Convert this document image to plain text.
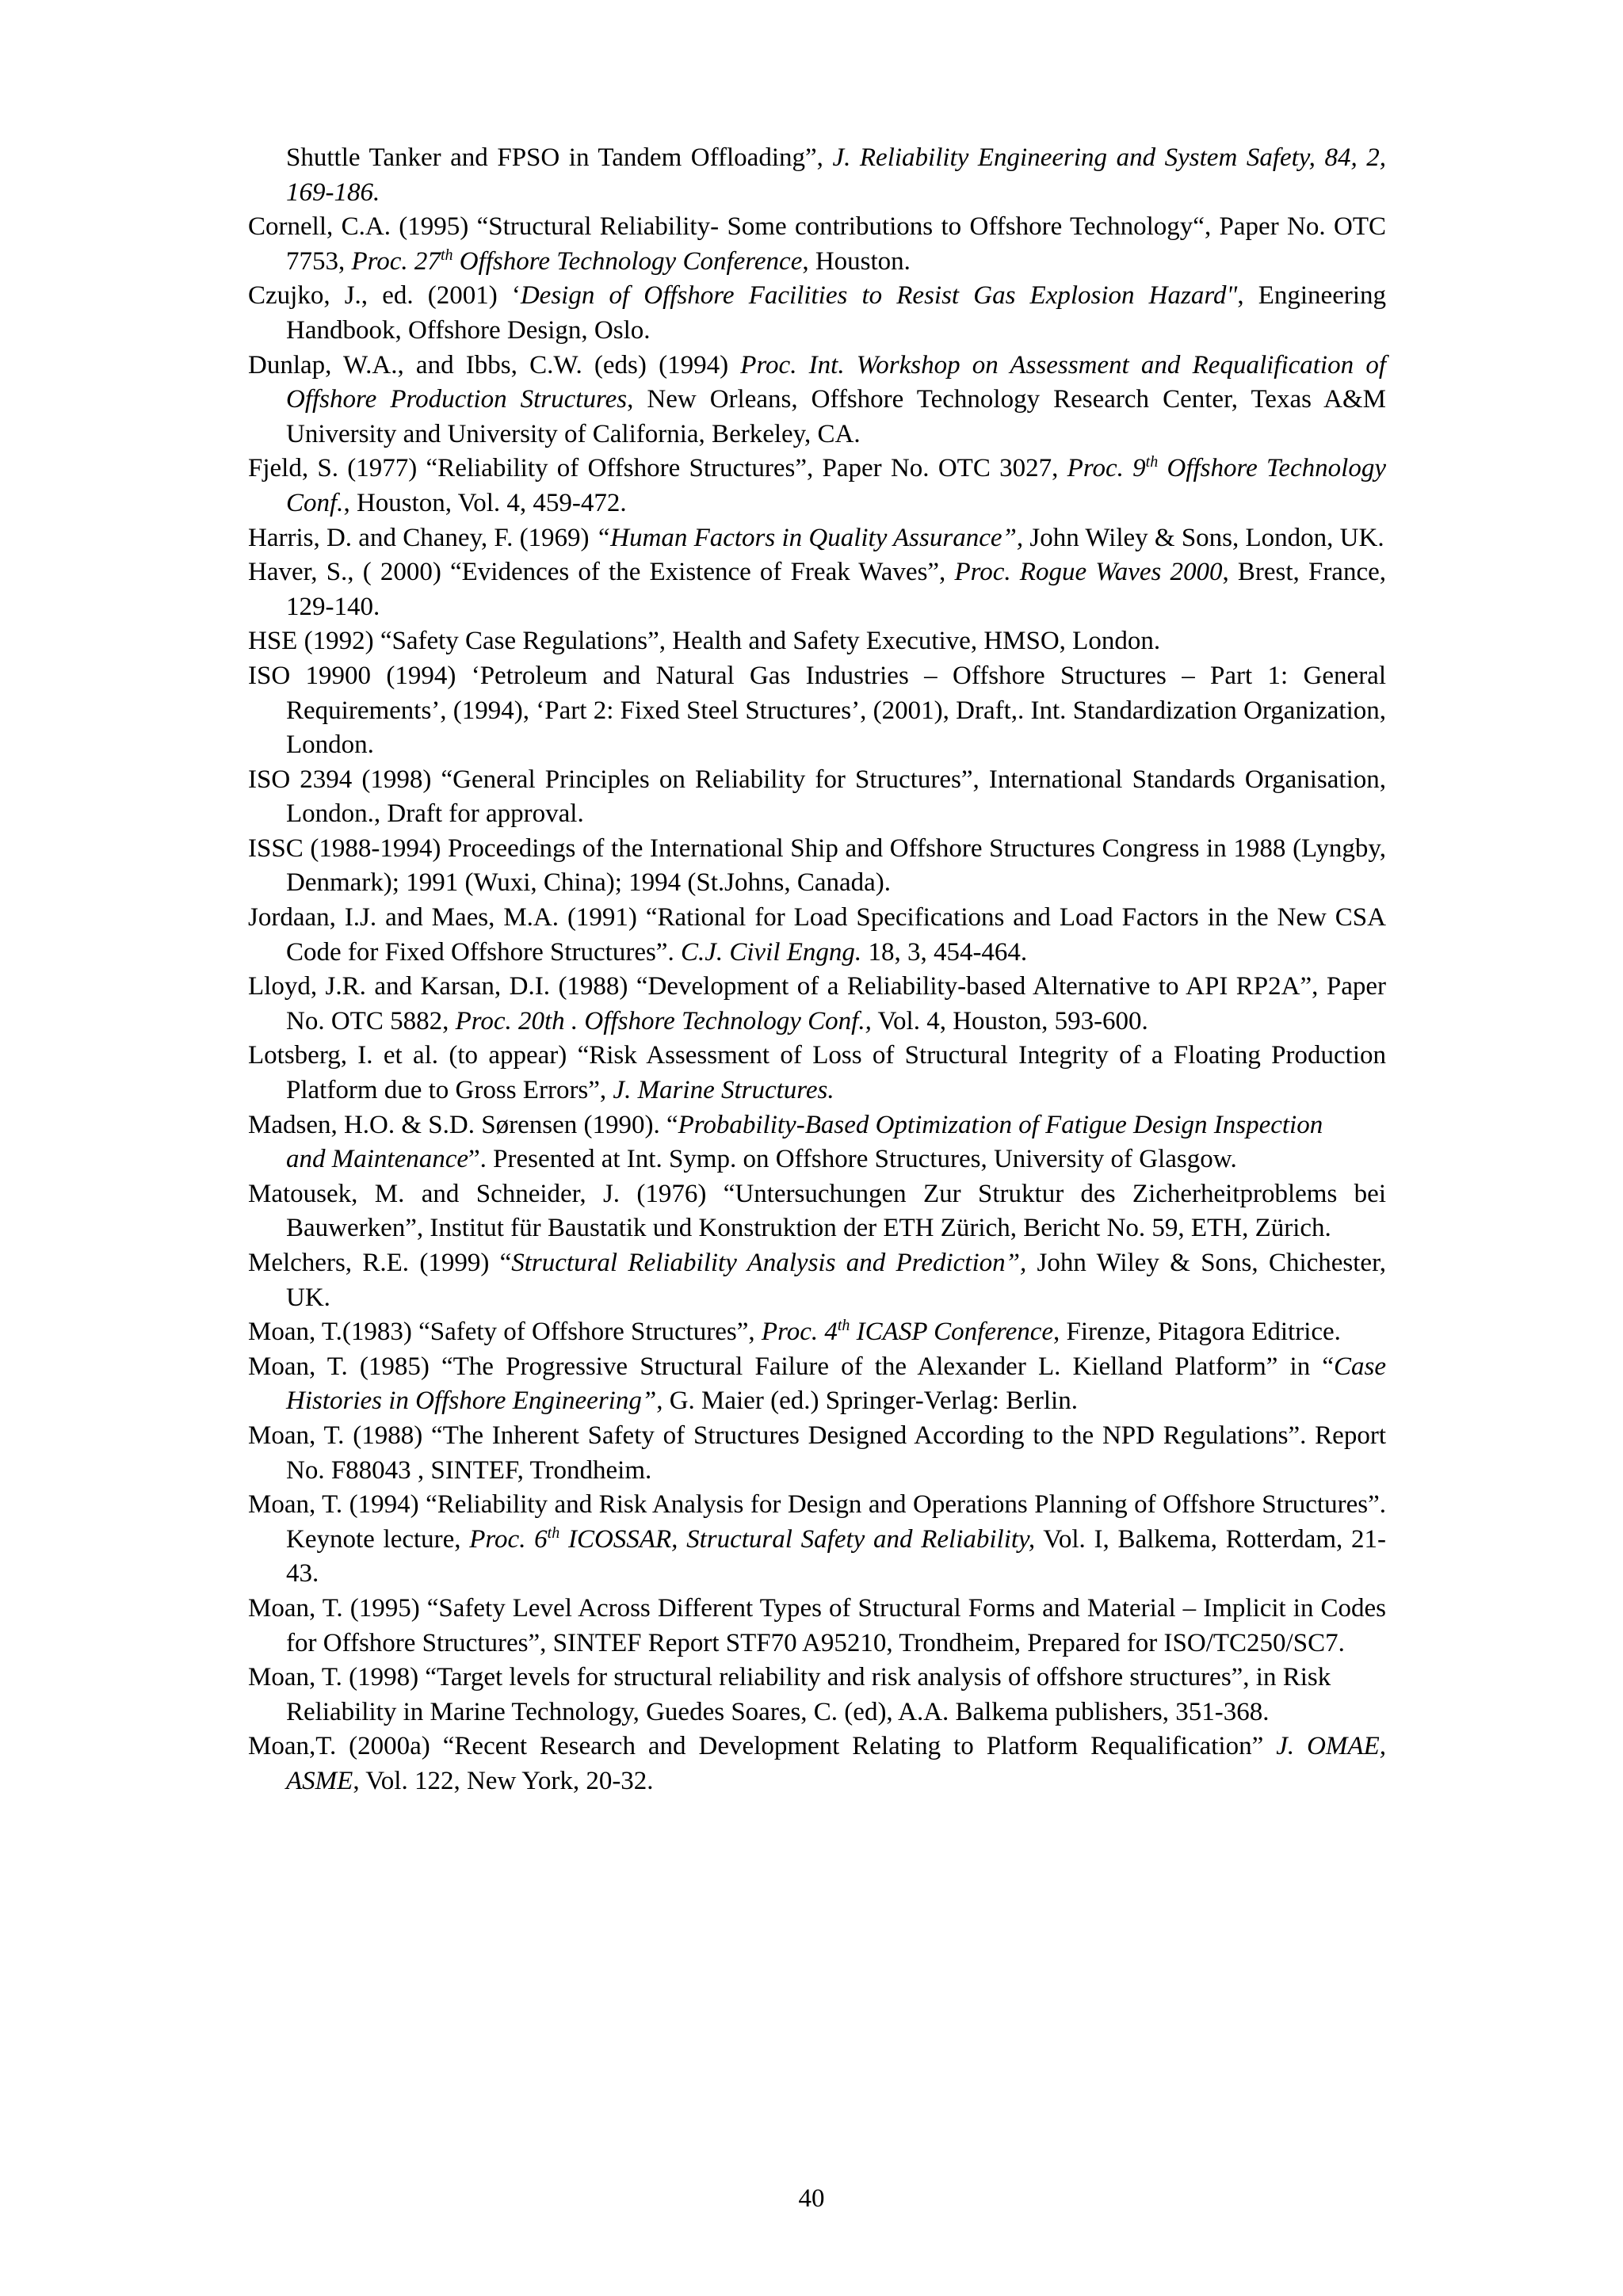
Shuttle Tanker and FPSO in Tandem Offloading”, J. Reliability Engineering and System Safety, 84, 2, 169-186.
Cornell, C.A. (1995) “Structural Reliability- Some contributions to Offshore Technology“, Paper No. OTC 7753, Proc. 27th Offshore Technology Conference, Houston.
Czujko, J., ed. (2001) ‘Design of Offshore Facilities to Resist Gas Explosion Hazard", Engineering Handbook, Offshore Design, Oslo.
Dunlap, W.A., and Ibbs, C.W. (eds) (1994) Proc. Int. Workshop on Assessment and Requalification of Offshore Production Structures, New Orleans, Offshore Technology Research Center, Texas A&M University and University of California, Berkeley, CA.
Fjeld, S. (1977) “Reliability of Offshore Structures”, Paper No. OTC 3027, Proc. 9th Offshore Technology Conf., Houston, Vol. 4, 459-472.
Harris, D. and Chaney, F. (1969) “Human Factors in Quality Assurance”, John Wiley & Sons, London, UK.
Haver, S., ( 2000) “Evidences of the Existence of Freak Waves”, Proc. Rogue Waves 2000, Brest, France, 129-140.
HSE (1992) “Safety Case Regulations”, Health and Safety Executive, HMSO, London.
ISO 19900 (1994) ‘Petroleum and Natural Gas Industries – Offshore Structures – Part 1: General Requirements’, (1994), ‘Part 2: Fixed Steel Structures’, (2001), Draft,. Int. Standardization Organization, London.
ISO 2394 (1998) “General Principles on Reliability for Structures”, International Standards Organisation, London., Draft for approval.
ISSC (1988-1994) Proceedings of the International Ship and Offshore Structures Congress in 1988 (Lyngby, Denmark); 1991 (Wuxi, China); 1994 (St.Johns, Canada).
Jordaan, I.J. and Maes, M.A. (1991) “Rational for Load Specifications and Load Factors in the New CSA Code for Fixed Offshore Structures”. C.J. Civil Engng. 18, 3, 454-464.
Lloyd, J.R. and Karsan, D.I. (1988) “Development of a Reliability-based Alternative to API RP2A”, Paper No. OTC 5882, Proc. 20th . Offshore Technology Conf., Vol. 4, Houston, 593-600.
Lotsberg, I. et al. (to appear) “Risk Assessment of Loss of Structural Integrity of a Floating Production Platform due to Gross Errors”, J. Marine Structures.
Madsen, H.O. & S.D. Sørensen (1990). “Probability-Based Optimization of Fatigue Design Inspection
and Maintenance”. Presented at Int. Symp. on Offshore Structures, University of Glasgow.
Matousek, M. and Schneider, J. (1976) “Untersuchungen Zur Struktur des Zicherheitproblems bei Bauwerken”, Institut für Baustatik und Konstruktion der ETH Zürich, Bericht No. 59, ETH, Zürich.
Melchers, R.E. (1999) “Structural Reliability Analysis and Prediction”, John Wiley & Sons, Chichester, UK.
Moan, T.(1983) “Safety of Offshore Structures”, Proc. 4th ICASP Conference, Firenze, Pitagora Editrice.
Moan, T. (1985) “The Progressive Structural Failure of the Alexander L. Kielland Platform” in “Case Histories in Offshore Engineering”, G. Maier (ed.) Springer-Verlag: Berlin.
Moan, T. (1988) “The Inherent Safety of Structures Designed According to the NPD Regulations”. Report No. F88043 , SINTEF, Trondheim.
Moan, T. (1994) “Reliability and Risk Analysis for Design and Operations Planning of Offshore Structures”. Keynote lecture, Proc. 6th ICOSSAR, Structural Safety and Reliability, Vol. I, Balkema, Rotterdam, 21-43.
Moan, T. (1995) “Safety Level Across Different Types of Structural Forms and Material – Implicit in Codes for Offshore Structures”, SINTEF Report STF70 A95210, Trondheim, Prepared for ISO/TC250/SC7.
Moan, T. (1998) “Target levels for structural reliability and risk analysis of offshore structures”, in Risk
Reliability in Marine Technology, Guedes Soares, C. (ed), A.A. Balkema publishers, 351-368.
Moan,T. (2000a) “Recent Research and Development Relating to Platform Requalification” J. OMAE, ASME, Vol. 122, New York, 20-32.
40
